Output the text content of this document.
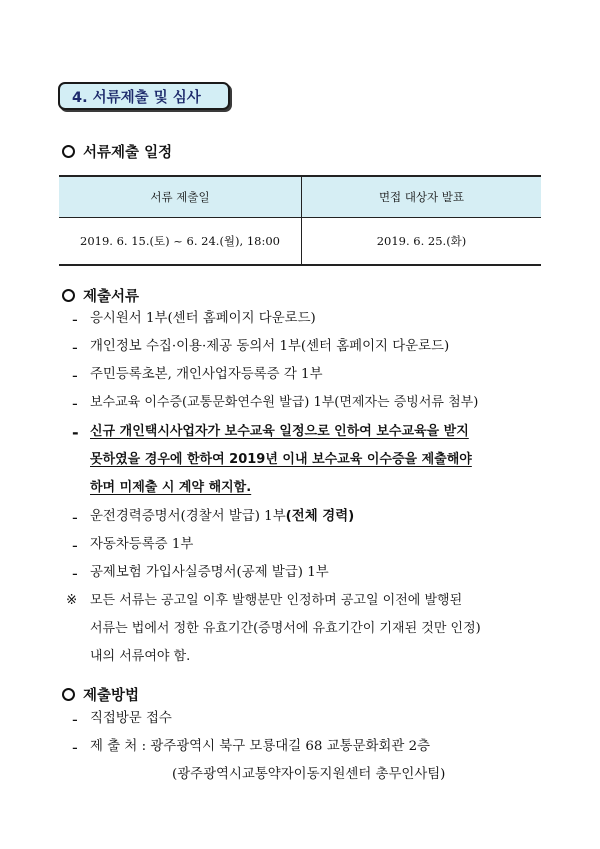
4. 서류제출 및 심사
서류제출 일정
서류 제출일	면접 대상자 발표
2019. 6. 15.(토) ~ 6. 24.(월), 18:00	2019. 6. 25.(화)
제출서류
- 응시원서 1부(센터 홈페이지 다운로드)
- 개인정보 수집·이용·제공 동의서 1부(센터 홈페이지 다운로드)
- 주민등록초본, 개인사업자등록증 각 1부
- 보수교육 이수증(교통문화연수원 발급) 1부(면제자는 증빙서류 첨부)
- 신규 개인택시사업자가 보수교육 일정으로 인하여 보수교육을 받지
못하였을 경우에 한하여 2019년 이내 보수교육 이수증을 제출해야
하며 미제출 시 계약 해지함.
- 운전경력증명서(경찰서 발급) 1부(전체 경력)
- 자동차등록증 1부
- 공제보험 가입사실증명서(공제 발급) 1부
※ 모든 서류는 공고일 이후 발행분만 인정하며 공고일 이전에 발행된
서류는 법에서 정한 유효기간(증명서에 유효기간이 기재된 것만 인정)
내의 서류여야 함.
제출방법
- 직접방문 접수
- 제 출 처 : 광주광역시 북구 모룡대길 68 교통문화회관 2층
(광주광역시교통약자이동지원센터 총무인사팀)
